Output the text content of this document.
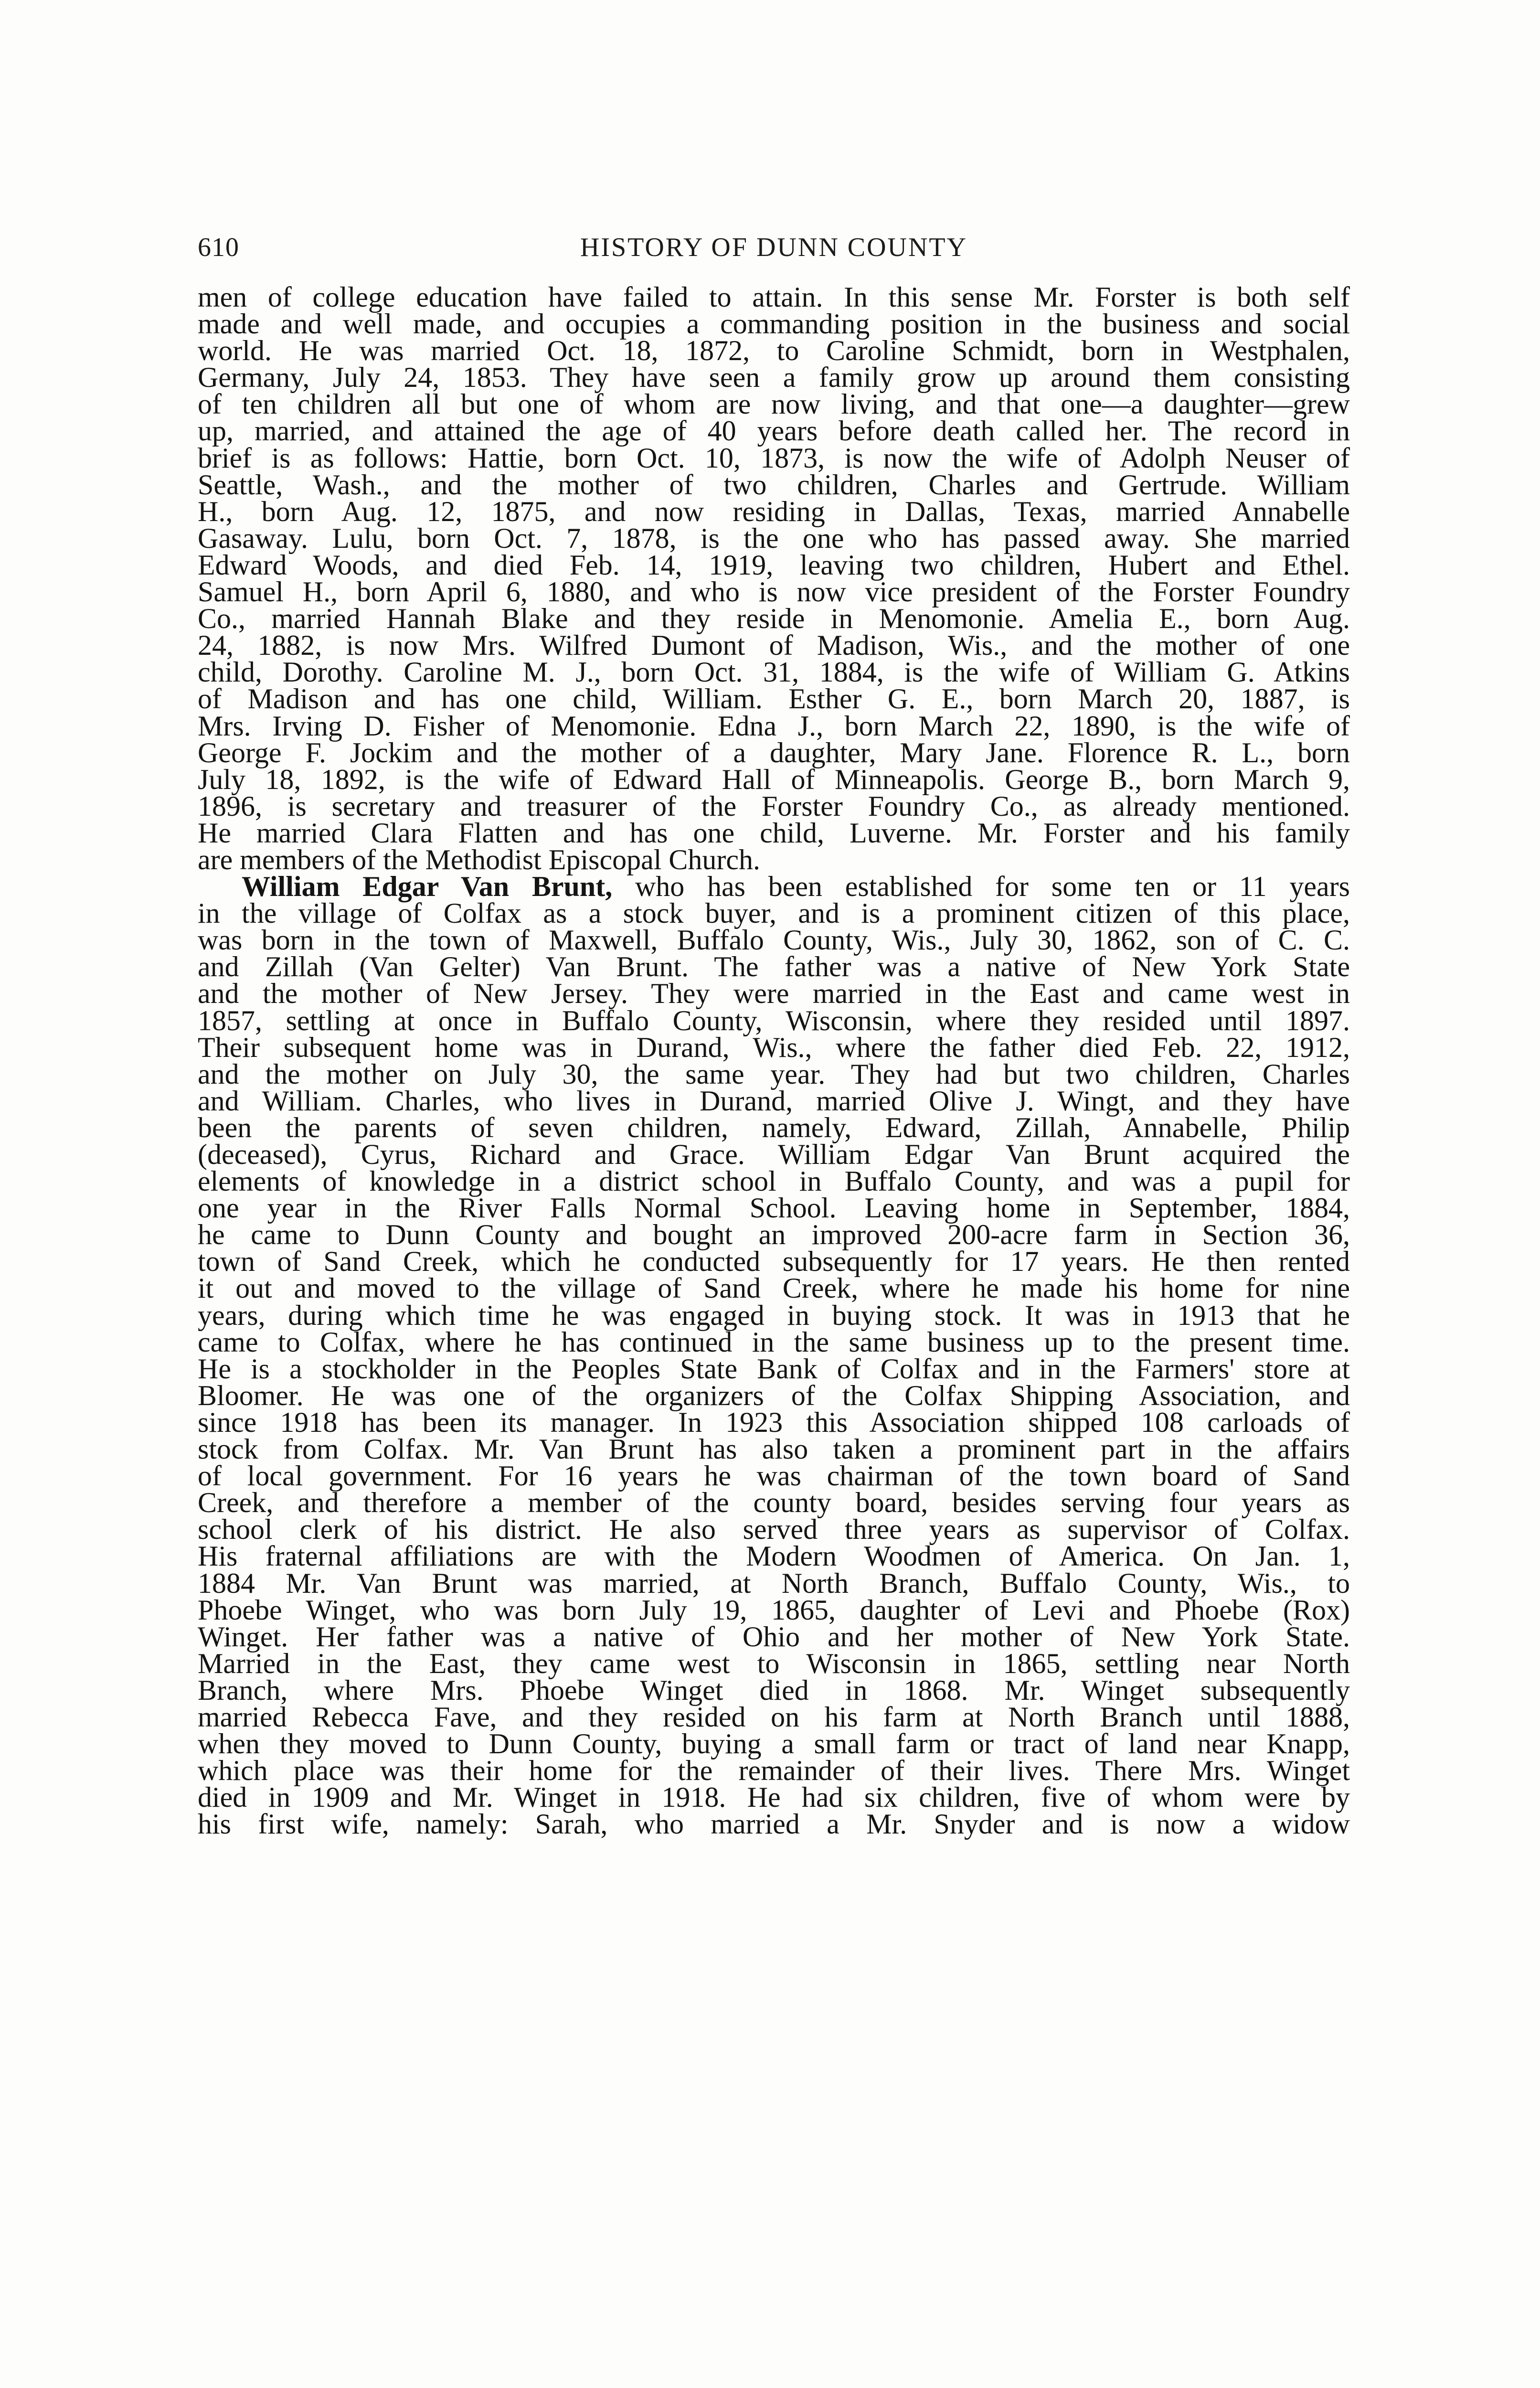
610	HISTORY OF DUNN COUNTY
men of college education have failed to attain. In this sense Mr. Forster is both self
made and well made, and occupies a commanding position in the business and social
world. He was married Oct. 18, 1872, to Caroline Schmidt, born in Westphalen,
Germany, July 24, 1853. They have seen a family grow up around them consisting
of ten children all but one of whom are now living, and that one—a daughter—grew
up, married, and attained the age of 40 years before death called her. The record in
brief is as follows: Hattie, born Oct. 10, 1873, is now the wife of Adolph Neuser of
Seattle, Wash., and the mother of two children, Charles and Gertrude. William
H., born Aug. 12, 1875, and now residing in Dallas, Texas, married Annabelle
Gasaway. Lulu, born Oct. 7, 1878, is the one who has passed away. She married
Edward Woods, and died Feb. 14, 1919, leaving two children, Hubert and Ethel.
Samuel H., born April 6, 1880, and who is now vice president of the Forster Foundry
Co., married Hannah Blake and they reside in Menomonie. Amelia E., born Aug.
24, 1882, is now Mrs. Wilfred Dumont of Madison, Wis., and the mother of one
child, Dorothy. Caroline M. J., born Oct. 31, 1884, is the wife of William G. Atkins
of Madison and has one child, William. Esther G. E., born March 20, 1887, is
Mrs. Irving D. Fisher of Menomonie. Edna J., born March 22, 1890, is the wife of
George F. Jockim and the mother of a daughter, Mary Jane. Florence R. L., born
July 18, 1892, is the wife of Edward Hall of Minneapolis. George B., born March 9,
1896, is secretary and treasurer of the Forster Foundry Co., as already mentioned.
He married Clara Flatten and has one child, Luverne. Mr. Forster and his family
are members of the Methodist Episcopal Church.
William Edgar Van Brunt, who has been established for some ten or 11 years
in the village of Colfax as a stock buyer, and is a prominent citizen of this place,
was born in the town of Maxwell, Buffalo County, Wis., July 30, 1862, son of C. C.
and Zillah (Van Gelter) Van Brunt. The father was a native of New York State
and the mother of New Jersey. They were married in the East and came west in
1857, settling at once in Buffalo County, Wisconsin, where they resided until 1897.
Their subsequent home was in Durand, Wis., where the father died Feb. 22, 1912,
and the mother on July 30, the same year. They had but two children, Charles
and William. Charles, who lives in Durand, married Olive J. Wingt, and they have
been the parents of seven children, namely, Edward, Zillah, Annabelle, Philip
(deceased), Cyrus, Richard and Grace. William Edgar Van Brunt acquired the
elements of knowledge in a district school in Buffalo County, and was a pupil for
one year in the River Falls Normal School. Leaving home in September, 1884,
he came to Dunn County and bought an improved 200-acre farm in Section 36,
town of Sand Creek, which he conducted subsequently for 17 years. He then rented
it out and moved to the village of Sand Creek, where he made his home for nine
years, during which time he was engaged in buying stock. It was in 1913 that he
came to Colfax, where he has continued in the same business up to the present time.
He is a stockholder in the Peoples State Bank of Colfax and in the Farmers' store at
Bloomer. He was one of the organizers of the Colfax Shipping Association, and
since 1918 has been its manager. In 1923 this Association shipped 108 carloads of
stock from Colfax. Mr. Van Brunt has also taken a prominent part in the affairs
of local government. For 16 years he was chairman of the town board of Sand
Creek, and therefore a member of the county board, besides serving four years as
school clerk of his district. He also served three years as supervisor of Colfax.
His fraternal affiliations are with the Modern Woodmen of America. On Jan. 1,
1884 Mr. Van Brunt was married, at North Branch, Buffalo County, Wis., to
Phoebe Winget, who was born July 19, 1865, daughter of Levi and Phoebe (Rox)
Winget. Her father was a native of Ohio and her mother of New York State.
Married in the East, they came west to Wisconsin in 1865, settling near North
Branch, where Mrs. Phoebe Winget died in 1868. Mr. Winget subsequently
married Rebecca Fave, and they resided on his farm at North Branch until 1888,
when they moved to Dunn County, buying a small farm or tract of land near Knapp,
which place was their home for the remainder of their lives. There Mrs. Winget
died in 1909 and Mr. Winget in 1918. He had six children, five of whom were by
his first wife, namely: Sarah, who married a Mr. Snyder and is now a widow
